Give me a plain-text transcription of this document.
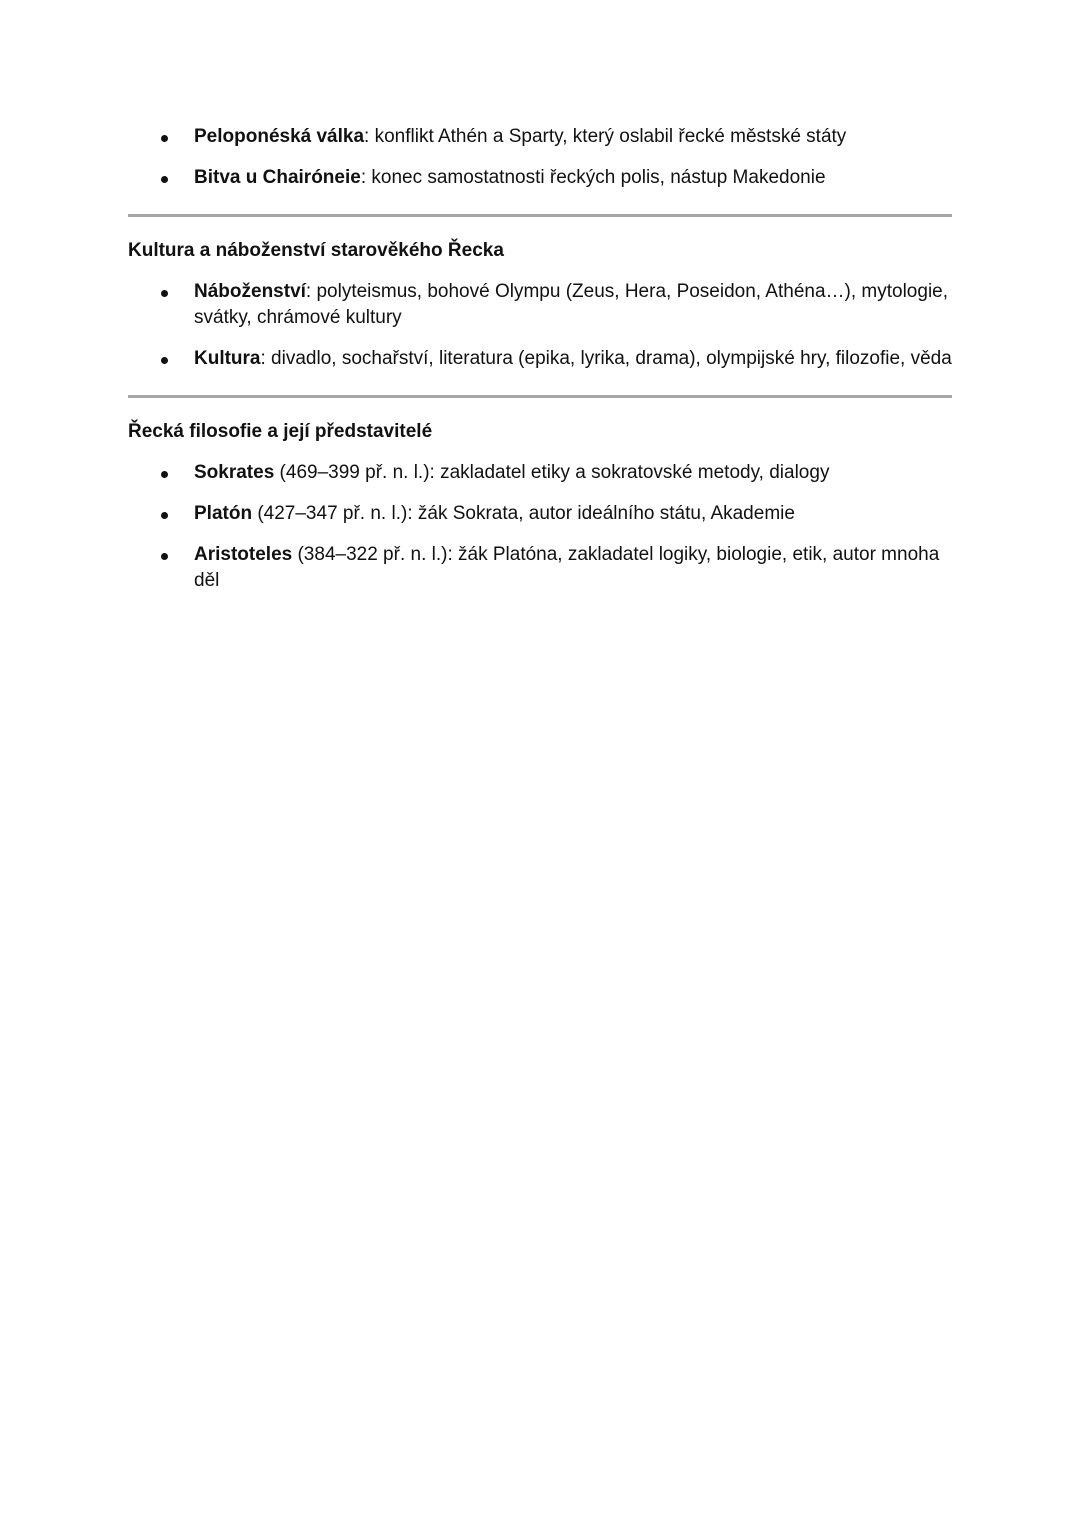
Peloponéská válka: konflikt Athén a Sparty, který oslabil řecké městské státy
Bitva u Chairóneie: konec samostatnosti řeckých polis, nástup Makedonie
Kultura a náboženství starověkého Řecka
Náboženství: polyteismus, bohové Olympu (Zeus, Hera, Poseidon, Athéna…), mytologie, svátky, chrámové kultury
Kultura: divadlo, sochařství, literatura (epika, lyrika, drama), olympijské hry, filozofie, věda
Řecká filosofie a její představitelé
Sokrates (469–399 př. n. l.): zakladatel etiky a sokratovské metody, dialogy
Platón (427–347 př. n. l.): žák Sokrata, autor ideálního státu, Akademie
Aristoteles (384–322 př. n. l.): žák Platóna, zakladatel logiky, biologie, etik, autor mnoha děl
